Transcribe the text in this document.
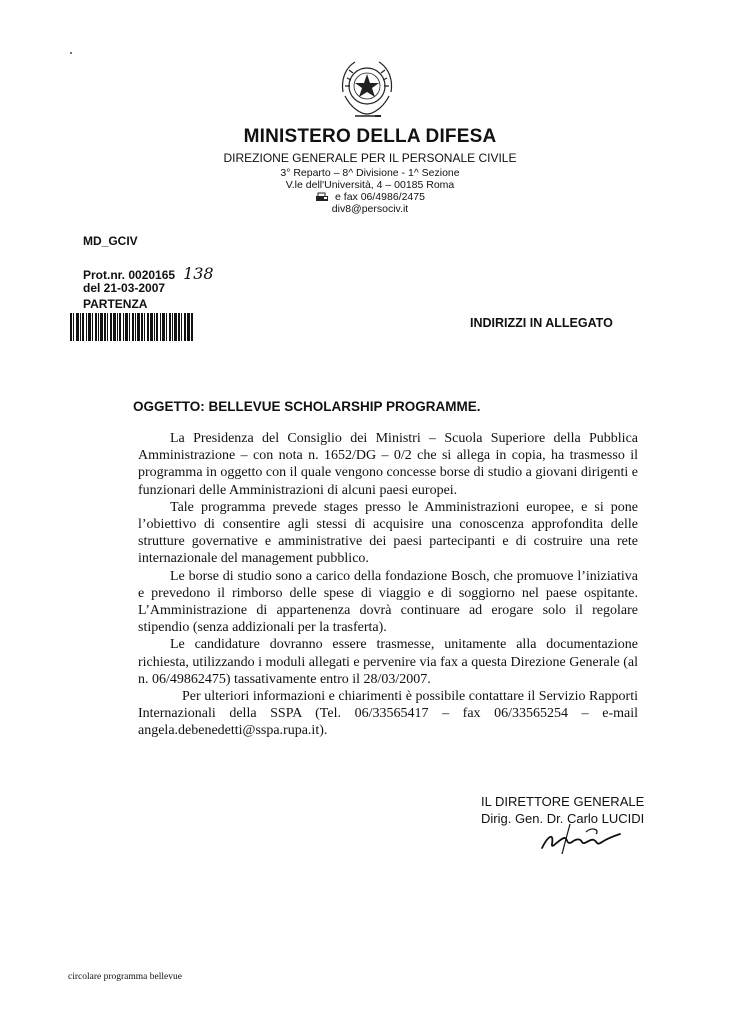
MINISTERO DELLA DIFESA
DIREZIONE GENERALE PER IL PERSONALE CIVILE
3° Reparto – 8^ Divisione - 1^ Sezione
V.le dell'Università, 4 – 00185 Roma
e fax 06/4986/2475
div8@persociv.it
MD_GCIV
Prot.nr. 0020165 138
del 21-03-2007
PARTENZA
INDIRIZZI IN ALLEGATO
OGGETTO: BELLEVUE SCHOLARSHIP PROGRAMME.

La Presidenza del Consiglio dei Ministri – Scuola Superiore della Pubblica Amministrazione – con nota n. 1652/DG – 0/2 che si allega in copia, ha trasmesso il programma in oggetto con il quale vengono concesse borse di studio a giovani dirigenti e funzionari delle Amministrazioni di alcuni paesi europei.

Tale programma prevede stages presso le Amministrazioni europee, e si pone l’obiettivo di consentire agli stessi di acquisire una conoscenza approfondita delle strutture governative e amministrative dei paesi partecipanti e di costruire una rete internazionale del management pubblico.

Le borse di studio sono a carico della fondazione Bosch, che promuove l’iniziativa e prevedono il rimborso delle spese di viaggio e di soggiorno nel paese ospitante. L’Amministrazione di appartenenza dovrà continuare ad erogare solo il regolare stipendio (senza addizionali per la trasferta).

Le candidature dovranno essere trasmesse, unitamente alla documentazione richiesta, utilizzando i moduli allegati e pervenire via fax a questa Direzione Generale (al n. 06/49862475) tassativamente entro il 28/03/2007.

Per ulteriori informazioni e chiarimenti è possibile contattare il Servizio Rapporti Internazionali della SSPA (Tel. 06/33565417 – fax 06/33565254 – e-mail angela.debenedetti@sspa.rupa.it).

IL DIRETTORE GENERALE
Dirig. Gen. Dr. Carlo LUCIDI
circolare programma bellevue
